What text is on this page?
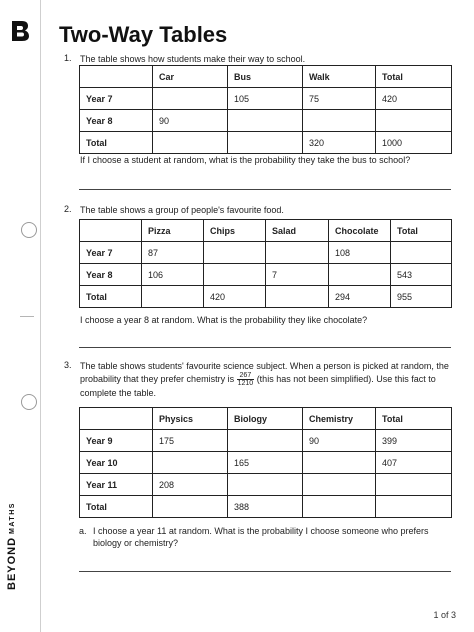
BEYONDMATHS
Two-Way Tables
1. The table shows how students make their way to school.
	Car	Bus	Walk	Total
Year 7		105	75	420
Year 8	90			
Total			320	1000
If I choose a student at random, what is the probability they take the bus to school?
2. The table shows a group of people's favourite food.
	Pizza	Chips	Salad	Chocolate	Total
Year 7	87			108	
Year 8	106		7		543
Total		420		294	955
I choose a year 8 at random. What is the probability they like chocolate?
3. The table shows students' favourite science subject. When a person is picked at random, the probability that they prefer chemistry is $\frac{267}{1210}$ (this has not been simplified). Use this fact to complete the table.
	Physics	Biology	Chemistry	Total
Year 9	175		90	399
Year 10		165		407
Year 11	208			
Total		388		
a. I choose a year 11 at random. What is the probability I choose someone who prefers biology or chemistry?
1 of 3
